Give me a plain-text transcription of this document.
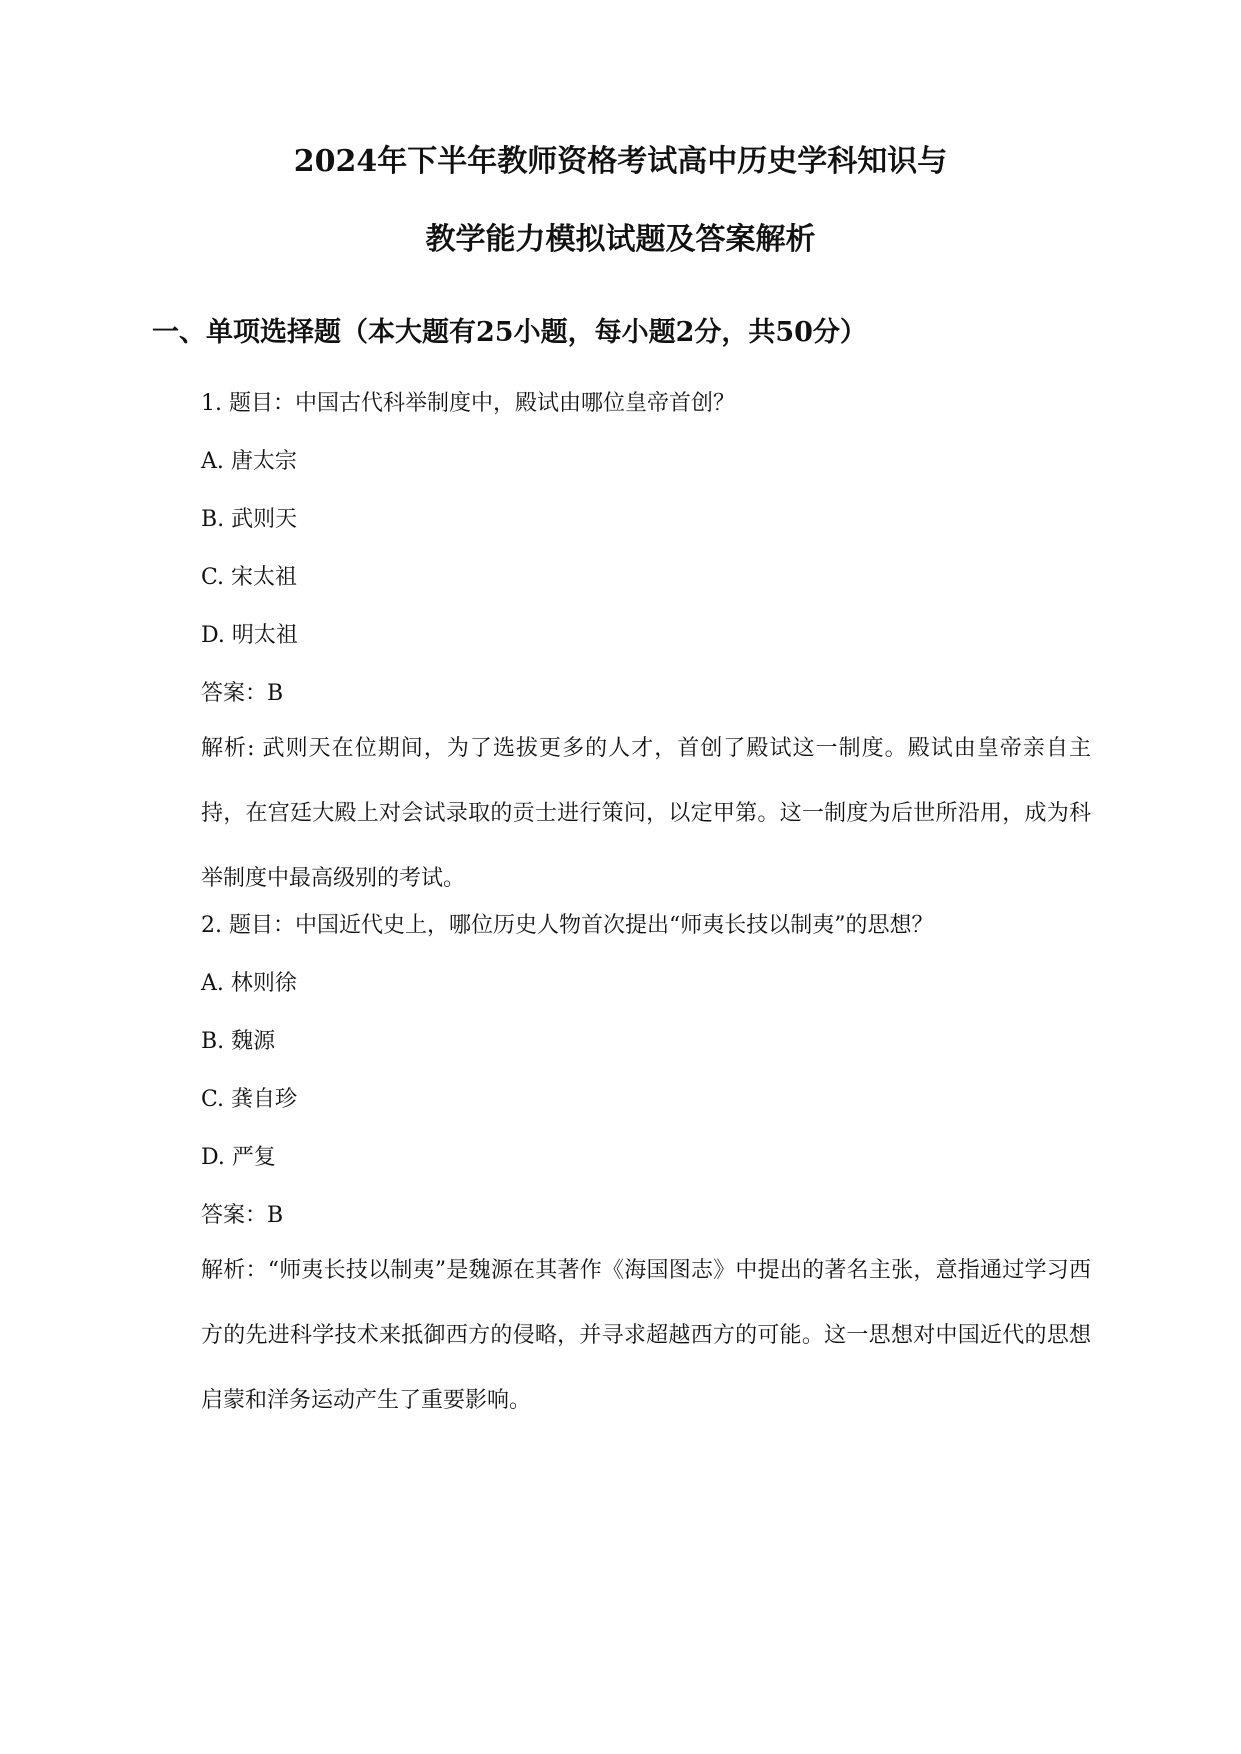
2024年下半年教师资格考试高中历史学科知识与
教学能力模拟试题及答案解析
一、单项选择题（本大题有25小题，每小题2分，共50分）
1. 题目：中国古代科举制度中，殿试由哪位皇帝首创？
A. 唐太宗
B. 武则天
C. 宋太祖
D. 明太祖
答案：B
解析: 武则天在位期间，为了选拔更多的人才，首创了殿试这一制度。殿试由皇帝亲自主持，在宫廷大殿上对会试录取的贡士进行策问，以定甲第。这一制度为后世所沿用，成为科举制度中最高级别的考试。
2. 题目：中国近代史上，哪位历史人物首次提出“师夷长技以制夷”的思想？
A. 林则徐
B. 魏源
C. 龚自珍
D. 严复
答案：B
解析：“师夷长技以制夷”是魏源在其著作《海国图志》中提出的著名主张，意指通过学习西方的先进科学技术来抵御西方的侵略，并寻求超越西方的可能。这一思想对中国近代的思想启蒙和洋务运动产生了重要影响。
